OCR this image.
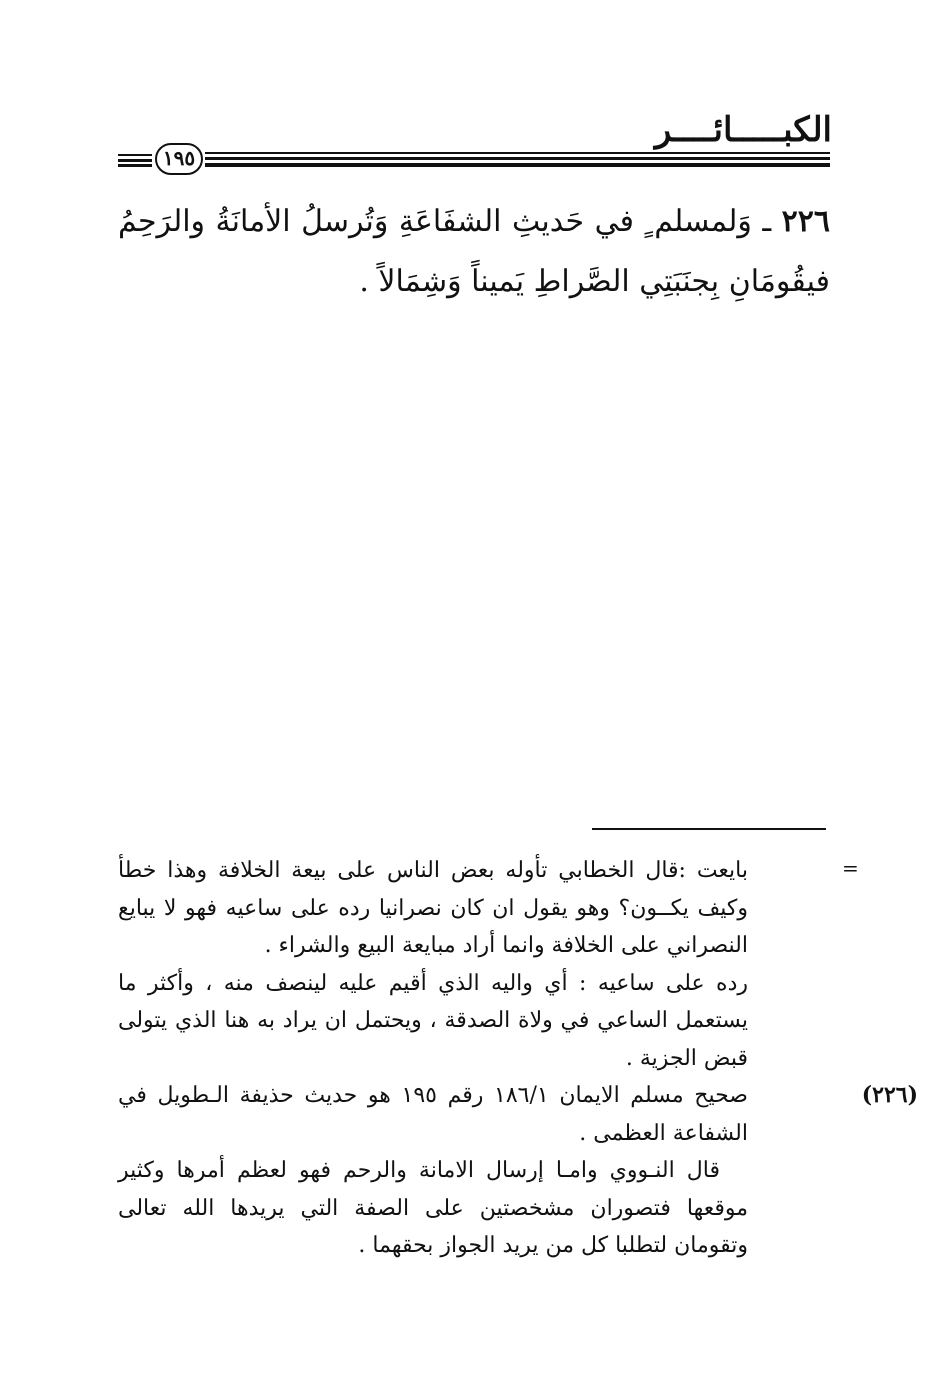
الكبـــــائــــر
١٩٥

٢٢٦ ـ وَلمسلم ٍ في حَديثِ الشفَاعَةِ وَتُرسلُ الأمانَةُ والرَحِمُ فيقُومَانِ بِجنَبَتِي الصَّراطِ يَميناً وَشِمَالاً .

=

بايعت :قال الخطابي تأوله بعض الناس على بيعة الخلافة وهذا خطأ وكيف يكــون؟ وهو يقول ان كان نصرانيا رده على ساعيه فهو لا يبايع النصراني على الخلافة وانما أراد مبايعة البيع والشراء .

رده على ساعيه : أي واليه الذي أقيم عليه لينصف منه ، وأكثر ما يستعمل الساعي في ولاة الصدقة ، ويحتمل ان يراد به هنا الذي يتولى قبض الجزية .

(٢٢٦)صحيح مسلم الايمان ١٨٦/١ رقم ١٩٥ هو حديث حذيفة الـطويل في الشفاعة العظمى .

قال النـووي وامـا إرسال الامانة والرحم فهو لعظم أمرها وكثير موقعها فتصوران مشخصتين على الصفة التي يريدها الله تعالى وتقومان لتطلبا كل من يريد الجواز بحقهما .
